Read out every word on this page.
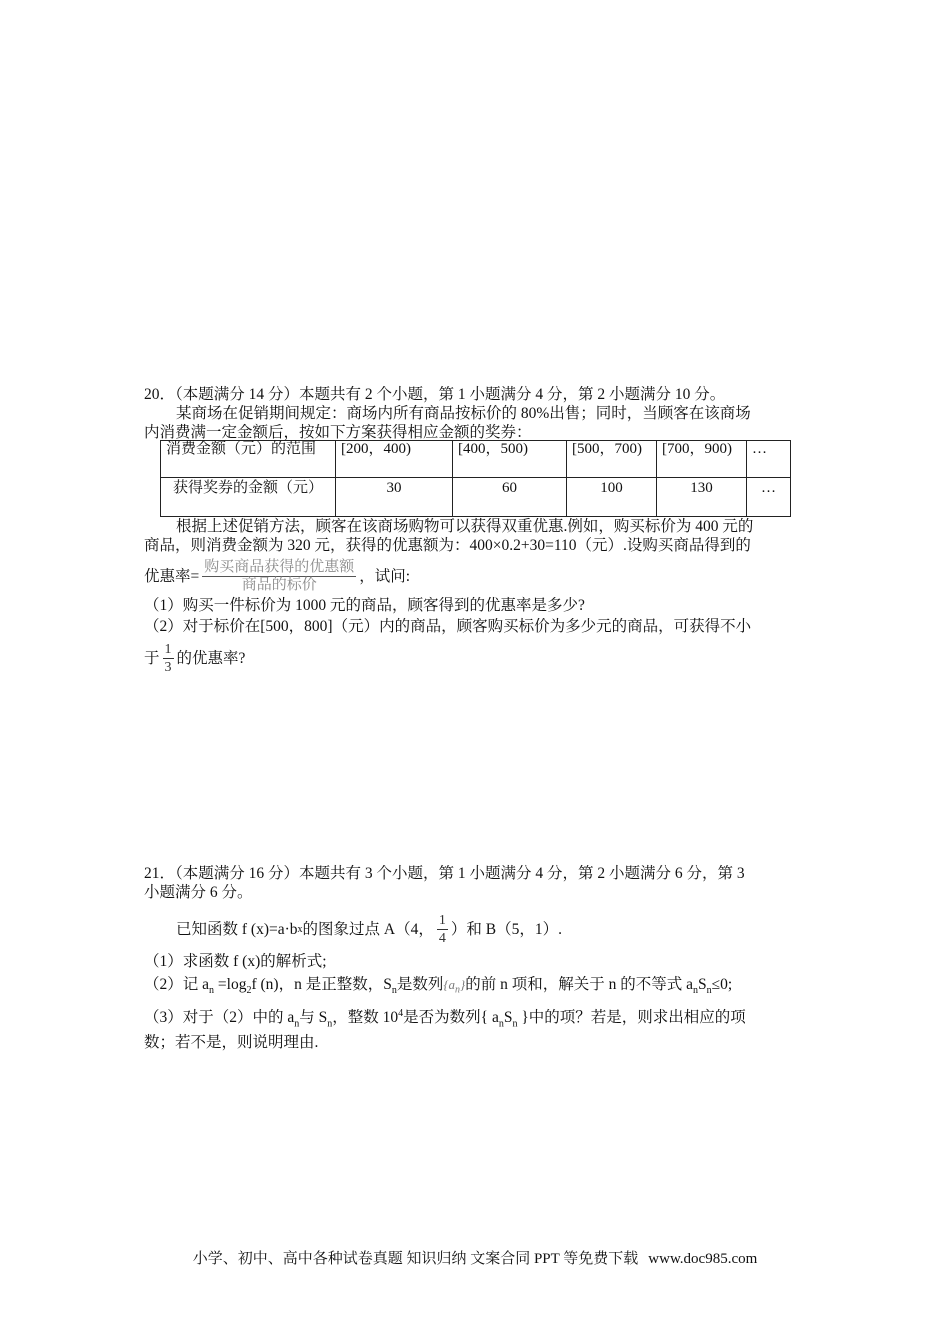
20．（本题满分 14 分）本题共有 2 个小题，第 1 小题满分 4 分，第 2 小题满分 10 分。
某商场在促销期间规定：商场内所有商品按标价的 80%出售；同时，当顾客在该商场
内消费满一定金额后，按如下方案获得相应金额的奖券：
消费金额（元）的范围	[200，400)	[400，500)	[500，700)	[700，900)	…
获得奖券的金额（元）	30	60	100	130	…
根据上述促销方法，顾客在该商场购物可以获得双重优惠.例如，购买标价为 400 元的
商品，则消费金额为 320 元，获得的优惠额为：400×0.2+30=110（元）.设购买商品得到的
优惠率= $\frac{\text{购买商品获得的优惠额}}{\text{商品的标价}}$ ，试问:
（1）购买一件标价为 1000 元的商品，顾客得到的优惠率是多少?
（2）对于标价在[500，800]（元）内的商品，顾客购买标价为多少元的商品，可获得不小
于 $\frac{1}{3}$ 的优惠率?
21．（本题满分 16 分）本题共有 3 个小题，第 1 小题满分 4 分，第 2 小题满分 6 分，第 3
小题满分 6 分。
已知函数 f (x)=a·b x 的图象过点 A（4， $\frac{1}{4}$ ）和 B（5，1）.
（1）求函数 f (x)的解析式;
（2）记 $a_n =\log_2f$ (n)，n 是正整数，$S_n$是数列$\{a_n\}$的前 n 项和，解关于 n 的不等式 $a_nS_n\le 0$;
（3）对于（2）中的 $a_n$与 $S_n$，整数 $10^4$是否为数列{ $a_nS_n$ }中的项？若是，则求出相应的项
数；若不是，则说明理由.
小学、初中、高中各种试卷真题 知识归纳 文案合同 PPT 等免费下载 www.doc985.com
